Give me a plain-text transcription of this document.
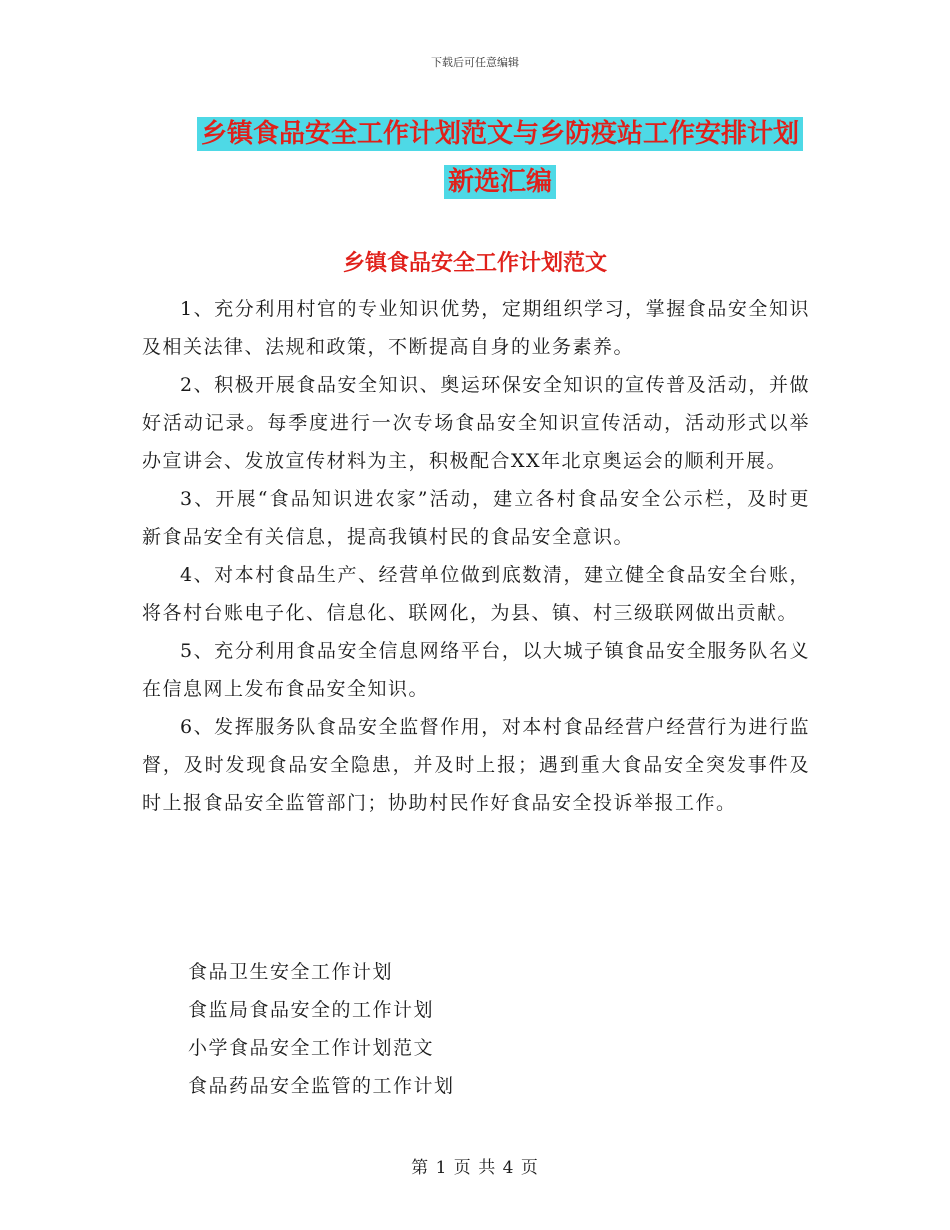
下载后可任意编辑
乡镇食品安全工作计划范文与乡防疫站工作安排计划
新选汇编
乡镇食品安全工作计划范文

1、充分利用村官的专业知识优势，定期组织学习，掌握食品安全知识及相关法律、法规和政策，不断提高自身的业务素养。

2、积极开展食品安全知识、奥运环保安全知识的宣传普及活动，并做好活动记录。每季度进行一次专场食品安全知识宣传活动，活动形式以举办宣讲会、发放宣传材料为主，积极配合XX年北京奥运会的顺利开展。

3、开展“食品知识进农家”活动，建立各村食品安全公示栏，及时更新食品安全有关信息，提高我镇村民的食品安全意识。

4、对本村食品生产、经营单位做到底数清，建立健全食品安全台账，将各村台账电子化、信息化、联网化，为县、镇、村三级联网做出贡献。

5、充分利用食品安全信息网络平台，以大城子镇食品安全服务队名义在信息网上发布食品安全知识。

6、发挥服务队食品安全监督作用，对本村食品经营户经营行为进行监督，及时发现食品安全隐患，并及时上报；遇到重大食品安全突发事件及时上报食品安全监管部门；协助村民作好食品安全投诉举报工作。

食品卫生安全工作计划
食监局食品安全的工作计划
小学食品安全工作计划范文
食品药品安全监管的工作计划
第 1 页 共 4 页
